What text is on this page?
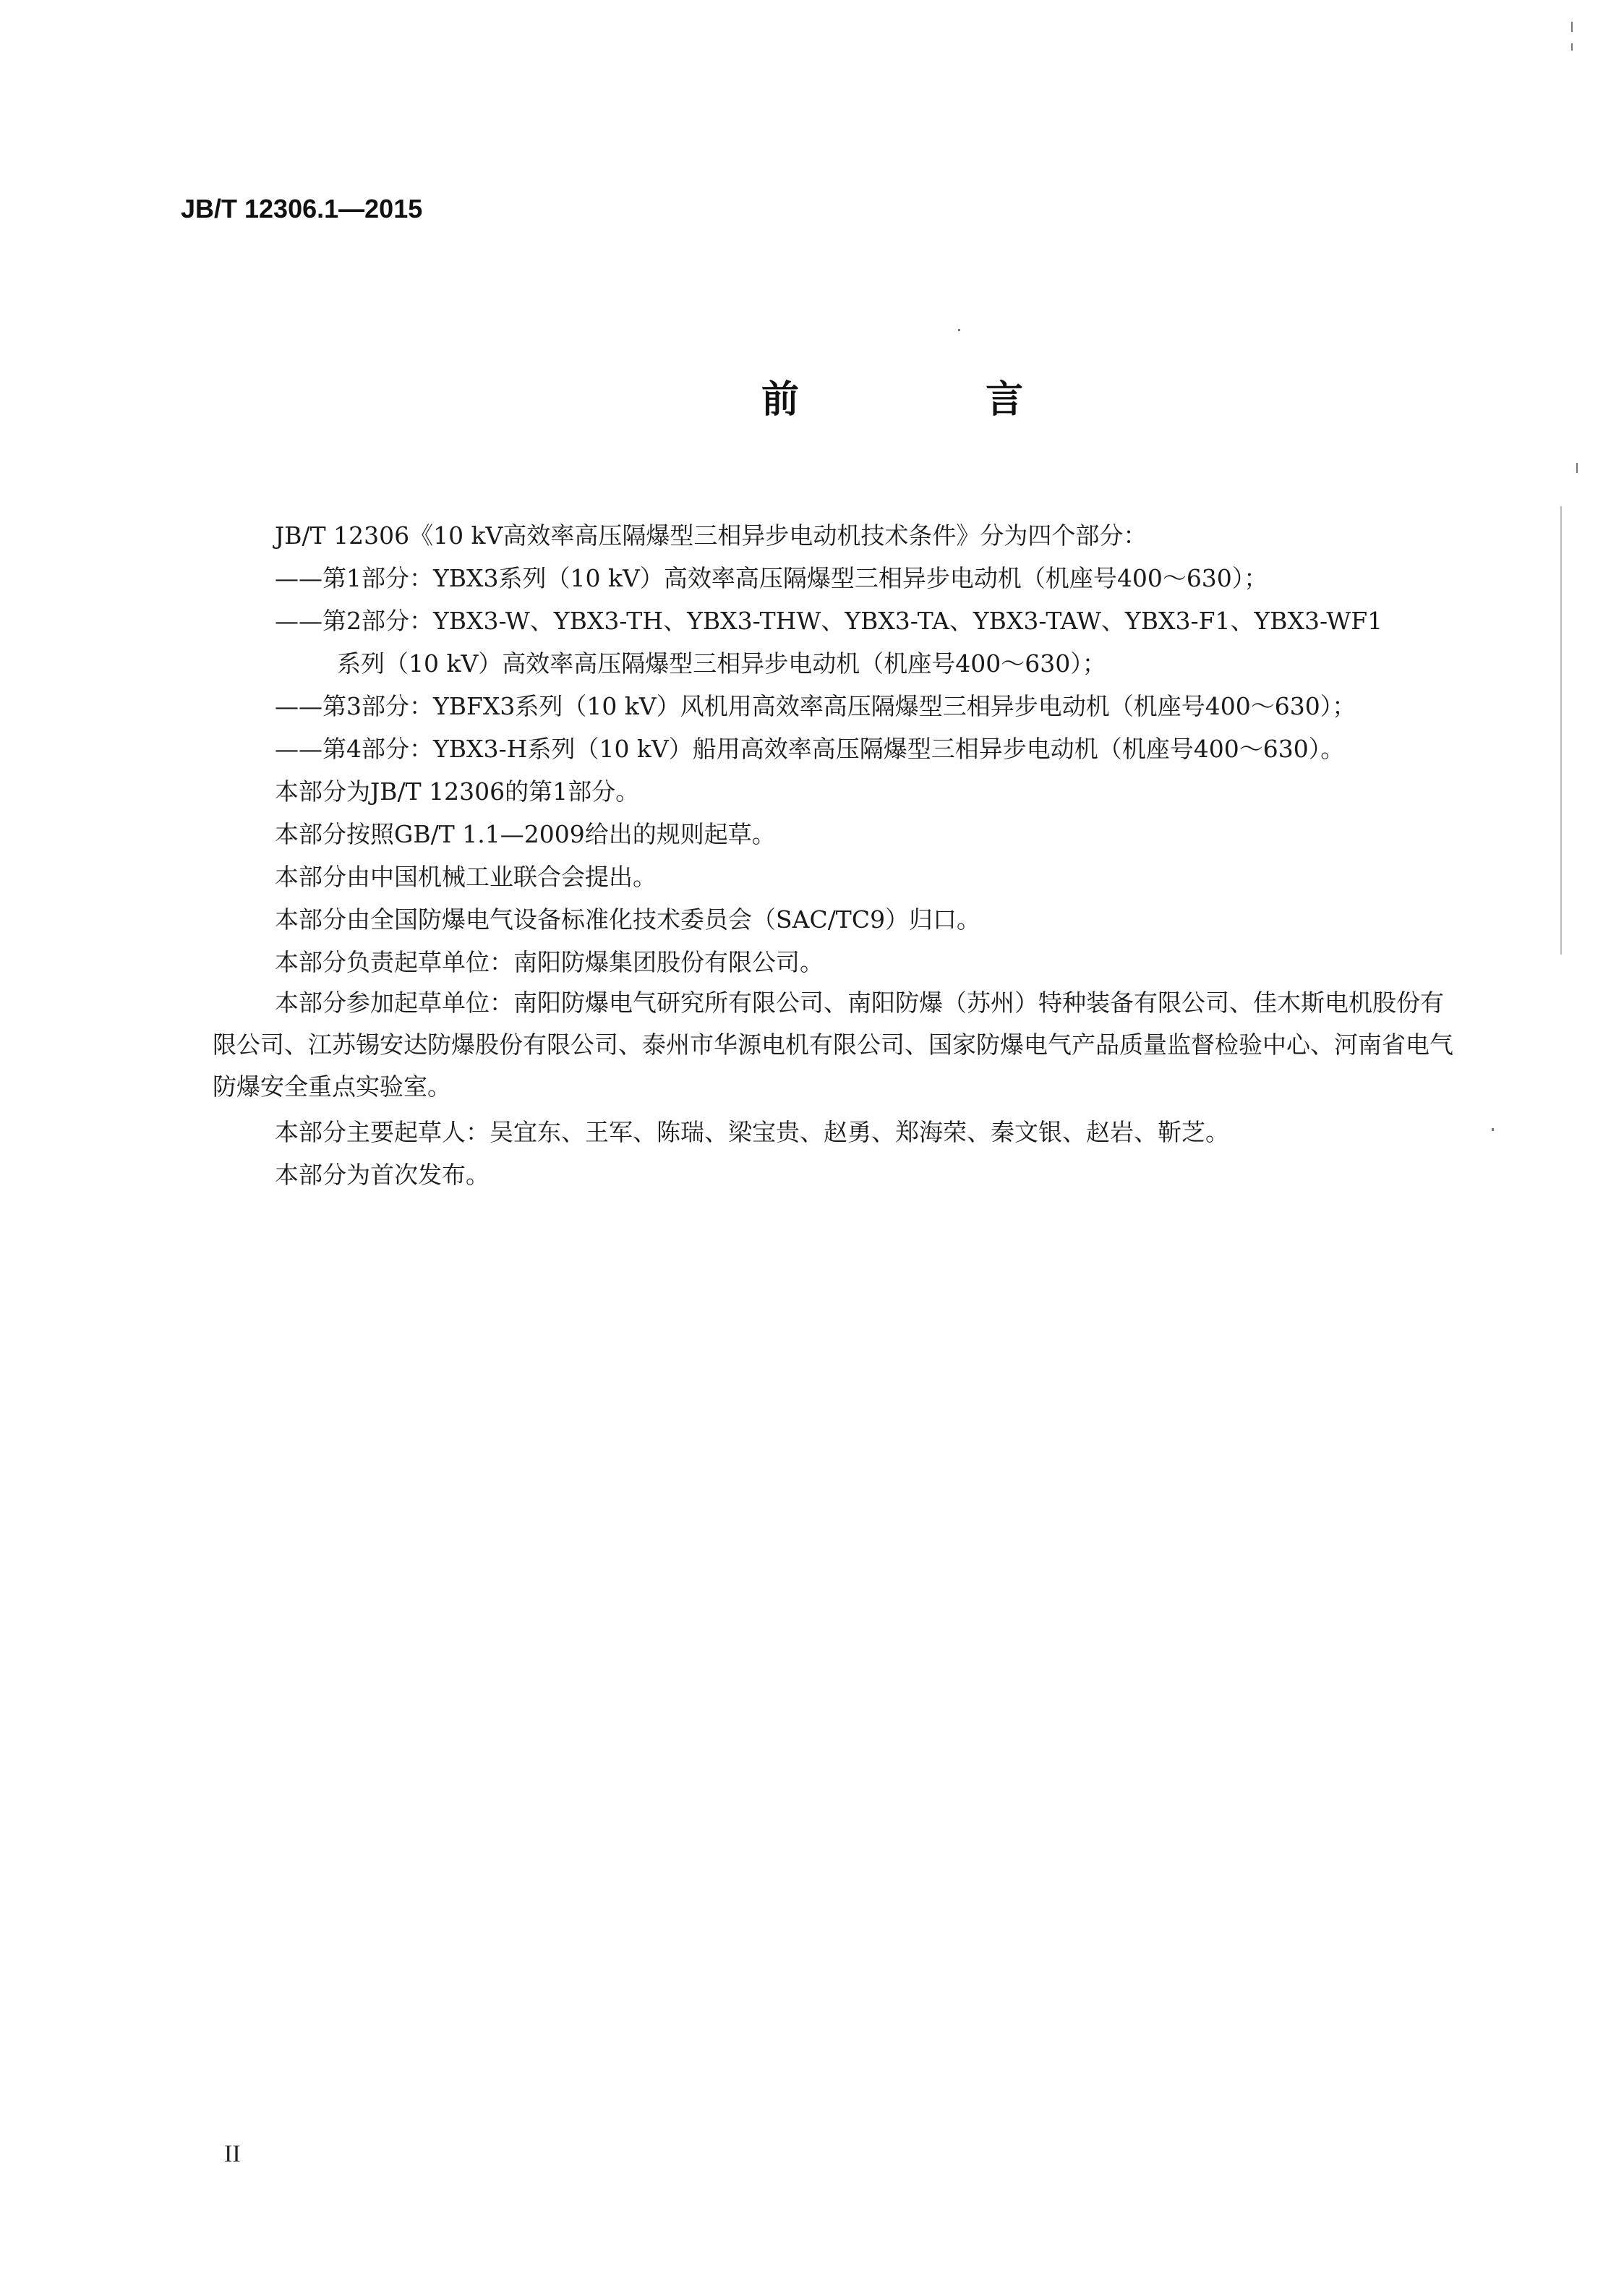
JB/T 12306.1—2015
前 言
JB/T 12306《10 kV高效率高压隔爆型三相异步电动机技术条件》分为四个部分：
——第1部分：YBX3系列（10 kV）高效率高压隔爆型三相异步电动机（机座号400～630）；
——第2部分：YBX3-W、YBX3-TH、YBX3-THW、YBX3-TA、YBX3-TAW、YBX3-F1、YBX3-WF1
系列（10 kV）高效率高压隔爆型三相异步电动机（机座号400～630）；
——第3部分：YBFX3系列（10 kV）风机用高效率高压隔爆型三相异步电动机（机座号400～630）；
——第4部分：YBX3-H系列（10 kV）船用高效率高压隔爆型三相异步电动机（机座号400～630）。
本部分为JB/T 12306的第1部分。
本部分按照GB/T 1.1—2009给出的规则起草。
本部分由中国机械工业联合会提出。
本部分由全国防爆电气设备标准化技术委员会（SAC/TC9）归口。
本部分负责起草单位：南阳防爆集团股份有限公司。
本部分参加起草单位：南阳防爆电气研究所有限公司、南阳防爆（苏州）特种装备有限公司、佳木斯电机股份有限公司、江苏锡安达防爆股份有限公司、泰州市华源电机有限公司、国家防爆电气产品质量监督检验中心、河南省电气防爆安全重点实验室。
本部分主要起草人：吴宜东、王军、陈瑞、梁宝贵、赵勇、郑海荣、秦文银、赵岩、靳芝。
本部分为首次发布。
II
